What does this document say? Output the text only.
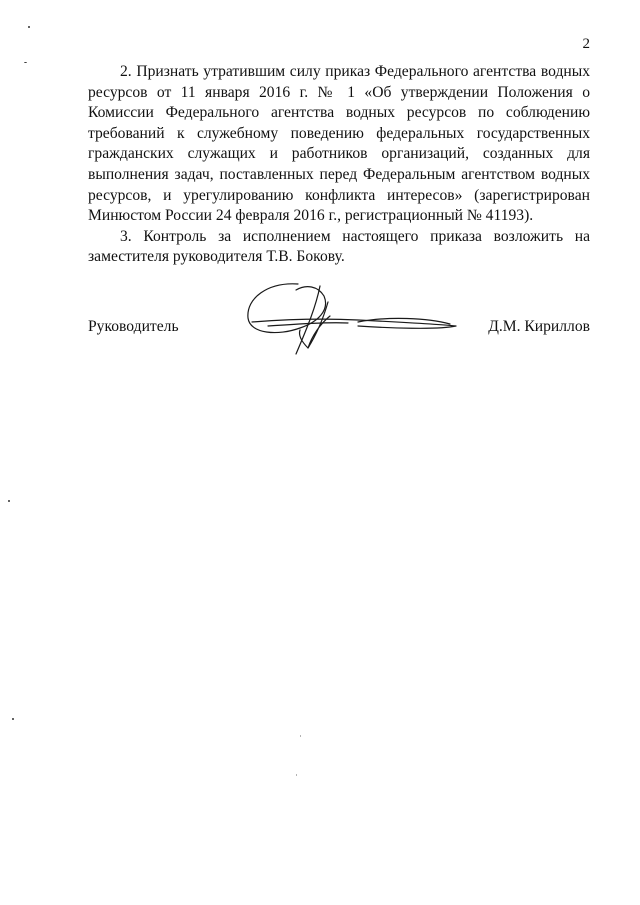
2

2. Признать утратившим силу приказ Федерального агентства водных ресурсов от 11 января 2016 г. № 1 «Об утверждении Положения о Комиссии Федерального агентства водных ресурсов по соблюдению требований к служебному поведению федеральных государственных гражданских служащих и работников организаций, созданных для выполнения задач, поставленных перед Федеральным агентством водных ресурсов, и урегулированию конфликта интересов» (зарегистрирован Минюстом России 24 февраля 2016 г., регистрационный № 41193).

3. Контроль за исполнением настоящего приказа возложить на заместителя руководителя Т.В. Бокову.

Руководитель	Д.М. Кириллов
